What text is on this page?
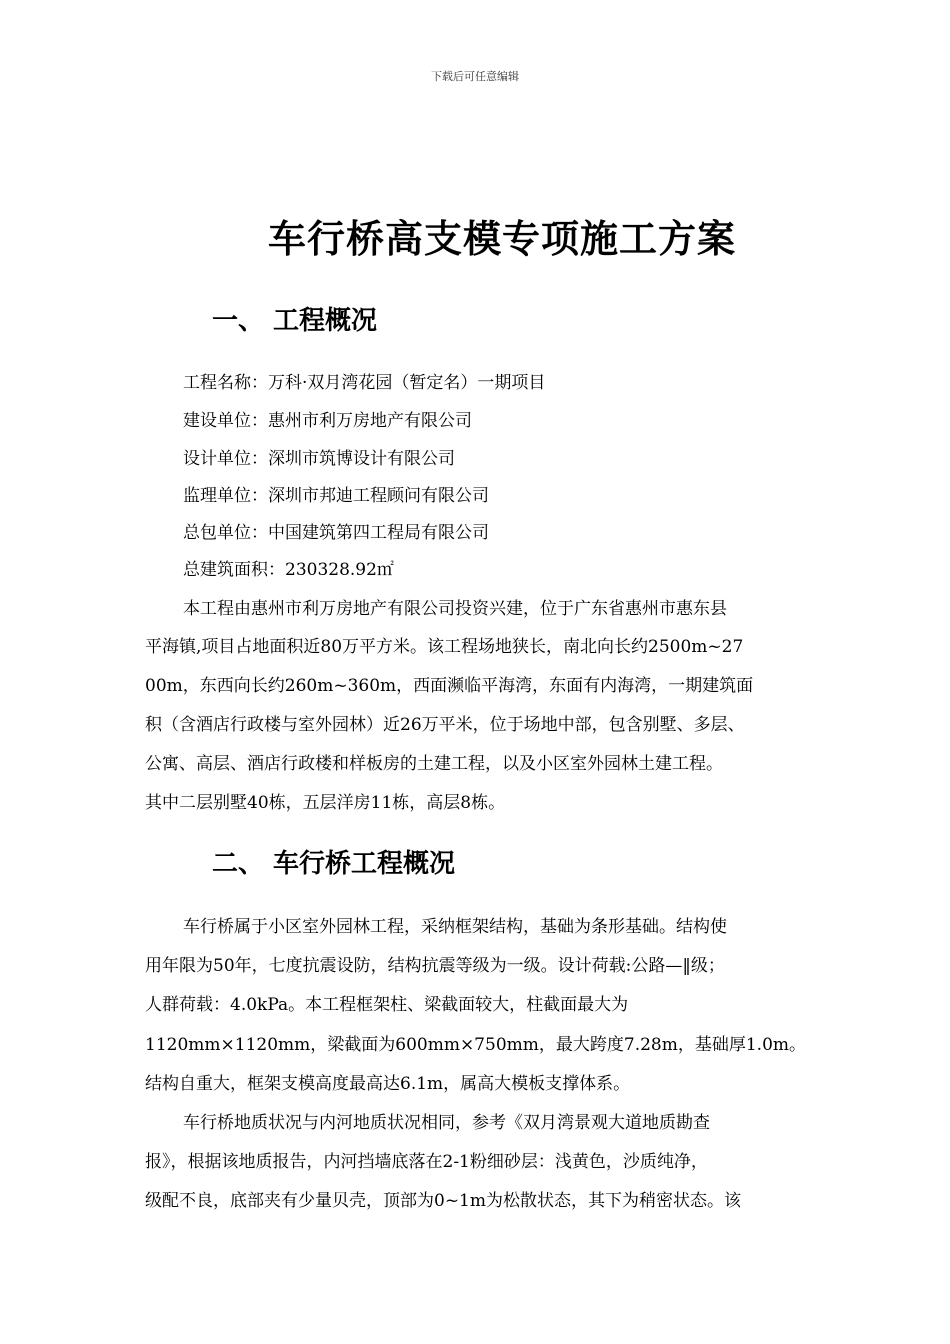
下载后可任意编辑
车行桥高支模专项施工方案
一、 工程概况
工程名称：万科·双月湾花园（暂定名）一期项目
建设单位：惠州市利万房地产有限公司
设计单位：深圳市筑博设计有限公司
监理单位：深圳市邦迪工程顾问有限公司
总包单位：中国建筑第四工程局有限公司
总建筑面积：230328.92㎡
本工程由惠州市利万房地产有限公司投资兴建，位于广东省惠州市惠东县
平海镇,项目占地面积近80万平方米。该工程场地狭长，南北向长约2500m~27
00m，东西向长约260m~360m，西面濒临平海湾，东面有内海湾，一期建筑面
积（含酒店行政楼与室外园林）近26万平米，位于场地中部，包含别墅、多层、
公寓、高层、酒店行政楼和样板房的土建工程，以及小区室外园林土建工程。
其中二层别墅40栋，五层洋房11栋，高层8栋。
二、 车行桥工程概况
车行桥属于小区室外园林工程，采纳框架结构，基础为条形基础。结构使
用年限为50年，七度抗震设防，结构抗震等级为一级。设计荷载:公路—‖级；
人群荷载：4.0kPa。本工程框架柱、梁截面较大，柱截面最大为
1120mm×1120mm，梁截面为600mm×750mm，最大跨度7.28m，基础厚1.0m。
结构自重大，框架支模高度最高达6.1m，属高大模板支撑体系。
车行桥地质状况与内河地质状况相同，参考《双月湾景观大道地质勘查
报》，根据该地质报告，内河挡墙底落在2-1粉细砂层：浅黄色，沙质纯净，
级配不良，底部夹有少量贝壳，顶部为0~1m为松散状态，其下为稍密状态。该
